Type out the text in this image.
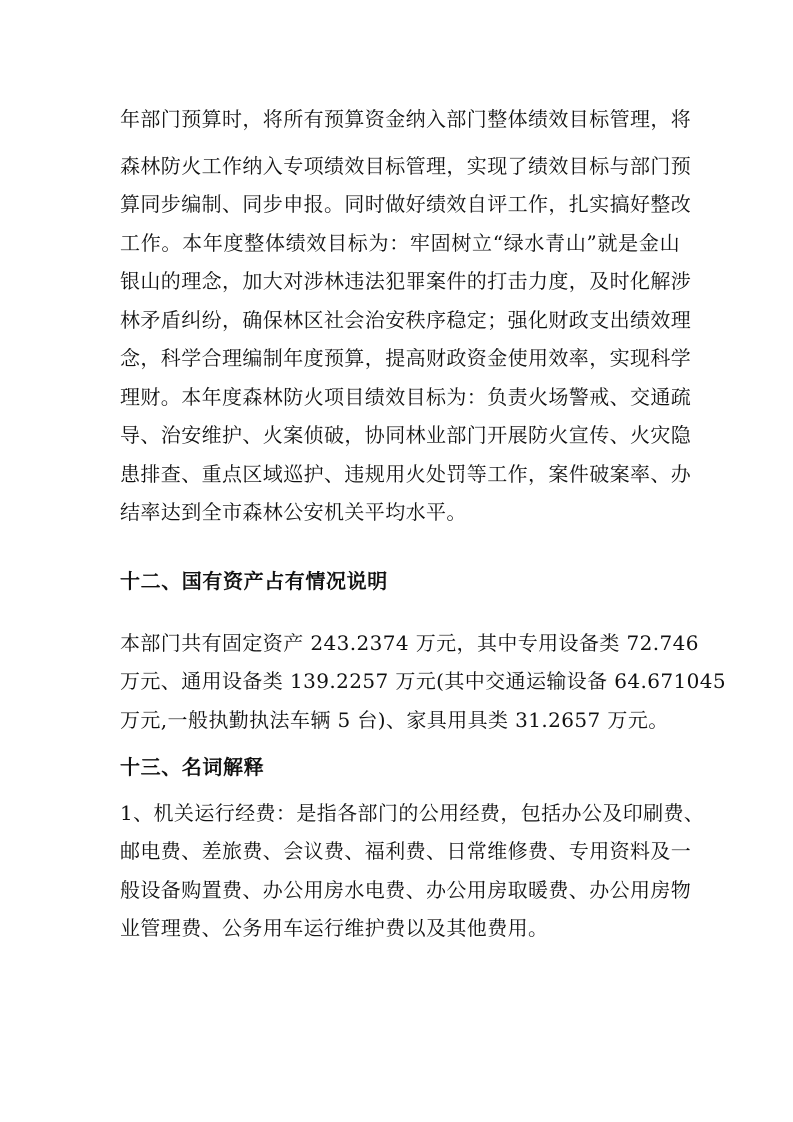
年部门预算时，将所有预算资金纳入部门整体绩效目标管理，将
森林防火工作纳入专项绩效目标管理，实现了绩效目标与部门预
算同步编制、同步申报。同时做好绩效自评工作，扎实搞好整改
工作。本年度整体绩效目标为：牢固树立“绿水青山”就是金山
银山的理念，加大对涉林违法犯罪案件的打击力度，及时化解涉
林矛盾纠纷，确保林区社会治安秩序稳定；强化财政支出绩效理
念，科学合理编制年度预算，提高财政资金使用效率，实现科学
理财。本年度森林防火项目绩效目标为：负责火场警戒、交通疏
导、治安维护、火案侦破，协同林业部门开展防火宣传、火灾隐
患排查、重点区域巡护、违规用火处罚等工作，案件破案率、办
结率达到全市森林公安机关平均水平。
十二、国有资产占有情况说明
本部门共有固定资产 243.2374 万元，其中专用设备类 72.746
万元、通用设备类 139.2257 万元(其中交通运输设备 64.671045
万元,一般执勤执法车辆 5 台)、家具用具类 31.2657 万元。
十三、名词解释
1、机关运行经费：是指各部门的公用经费，包括办公及印刷费、
邮电费、差旅费、会议费、福利费、日常维修费、专用资料及一
般设备购置费、办公用房水电费、办公用房取暖费、办公用房物
业管理费、公务用车运行维护费以及其他费用。
